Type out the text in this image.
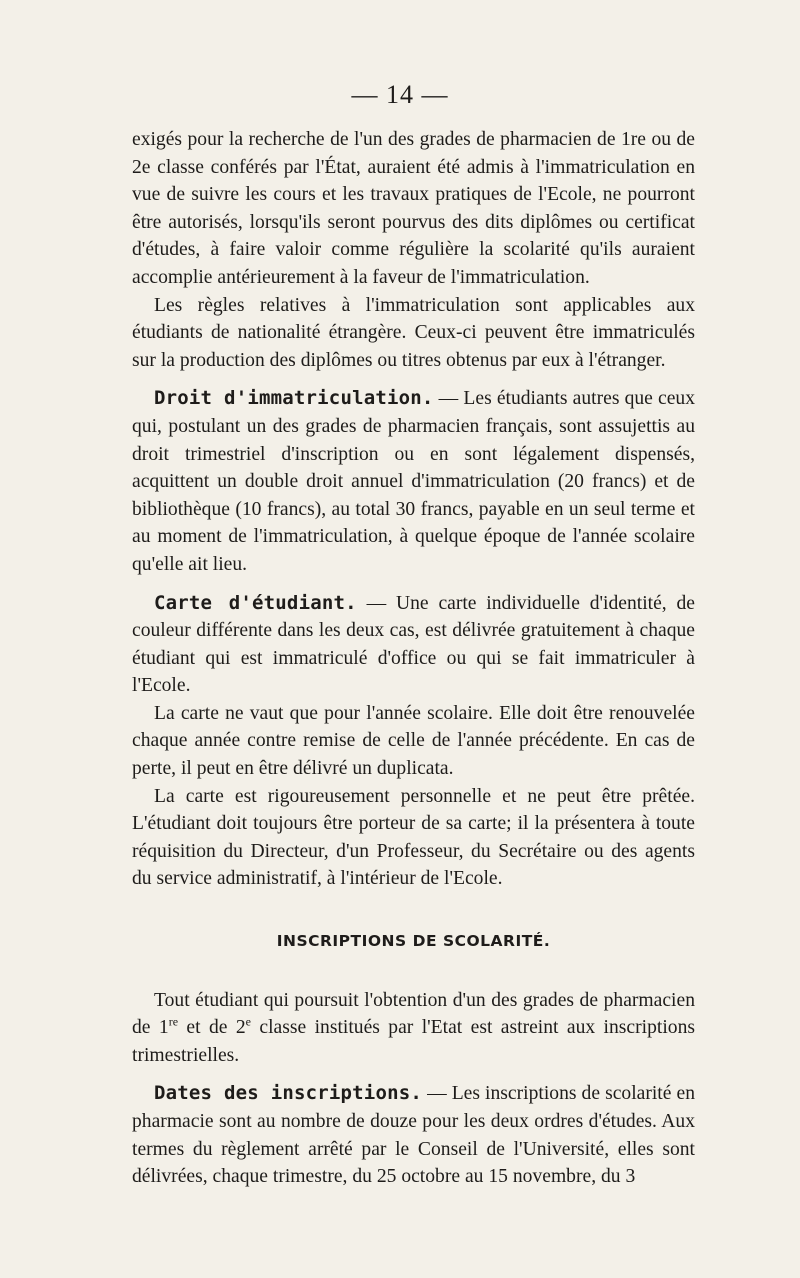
— 14 —

exigés pour la recherche de l'un des grades de pharmacien de 1re ou de 2e classe conférés par l'État, auraient été admis à l'immatriculation en vue de suivre les cours et les travaux pratiques de l'Ecole, ne pourront être autorisés, lorsqu'ils seront pourvus des dits diplômes ou certificat d'études, à faire valoir comme régulière la scolarité qu'ils auraient accomplie antérieurement à la faveur de l'immatriculation.

Les règles relatives à l'immatriculation sont applicables aux étudiants de nationalité étrangère. Ceux-ci peuvent être immatriculés sur la production des diplômes ou titres obtenus par eux à l'étranger.

Droit d'immatriculation. — Les étudiants autres que ceux qui, postulant un des grades de pharmacien français, sont assujettis au droit trimestriel d'inscription ou en sont légalement dispensés, acquittent un double droit annuel d'immatriculation (20 francs) et de bibliothèque (10 francs), au total 30 francs, payable en un seul terme et au moment de l'immatriculation, à quelque époque de l'année scolaire qu'elle ait lieu.

Carte d'étudiant. — Une carte individuelle d'identité, de couleur différente dans les deux cas, est délivrée gratuitement à chaque étudiant qui est immatriculé d'office ou qui se fait immatriculer à l'Ecole.

La carte ne vaut que pour l'année scolaire. Elle doit être renouvelée chaque année contre remise de celle de l'année précédente. En cas de perte, il peut en être délivré un duplicata.

La carte est rigoureusement personnelle et ne peut être prêtée. L'étudiant doit toujours être porteur de sa carte; il la présentera à toute réquisition du Directeur, d'un Professeur, du Secrétaire ou des agents du service administratif, à l'intérieur de l'Ecole.

INSCRIPTIONS DE SCOLARITÉ.

Tout étudiant qui poursuit l'obtention d'un des grades de pharmacien de 1re et de 2e classe institués par l'Etat est astreint aux inscriptions trimestrielles.

Dates des inscriptions. — Les inscriptions de scolarité en pharmacie sont au nombre de douze pour les deux ordres d'études. Aux termes du règlement arrêté par le Conseil de l'Université, elles sont délivrées, chaque trimestre, du 25 octobre au 15 novembre, du 3
